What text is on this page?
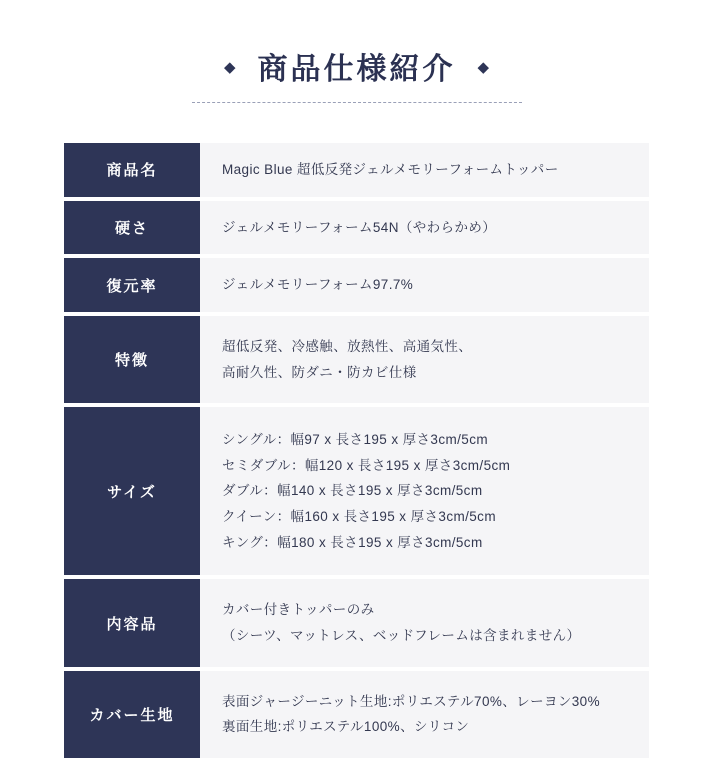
◆ 商品仕様紹介 ◆
商品名	Magic Blue 超低反発ジェルメモリーフォームトッパー

硬さ	ジェルメモリーフォーム54N（やわらかめ）

復元率	ジェルメモリーフォーム97.7%

特徴	超低反発、冷感触、放熱性、高通気性、
高耐久性、防ダニ・防カビ仕様

サイズ	シングル：幅97 x 長さ195 x 厚さ3cm/5cm
セミダブル：幅120 x 長さ195 x 厚さ3cm/5cm
ダブル：幅140 x 長さ195 x 厚さ3cm/5cm
クイーン：幅160 x 長さ195 x 厚さ3cm/5cm
キング：幅180 x 長さ195 x 厚さ3cm/5cm

内容品	カバー付きトッパーのみ
（シーツ、マットレス、ベッドフレームは含まれません）

カバー生地	表面ジャージーニット生地:ポリエステル70%、レーヨン30%
裏面生地:ポリエステル100%、シリコン
